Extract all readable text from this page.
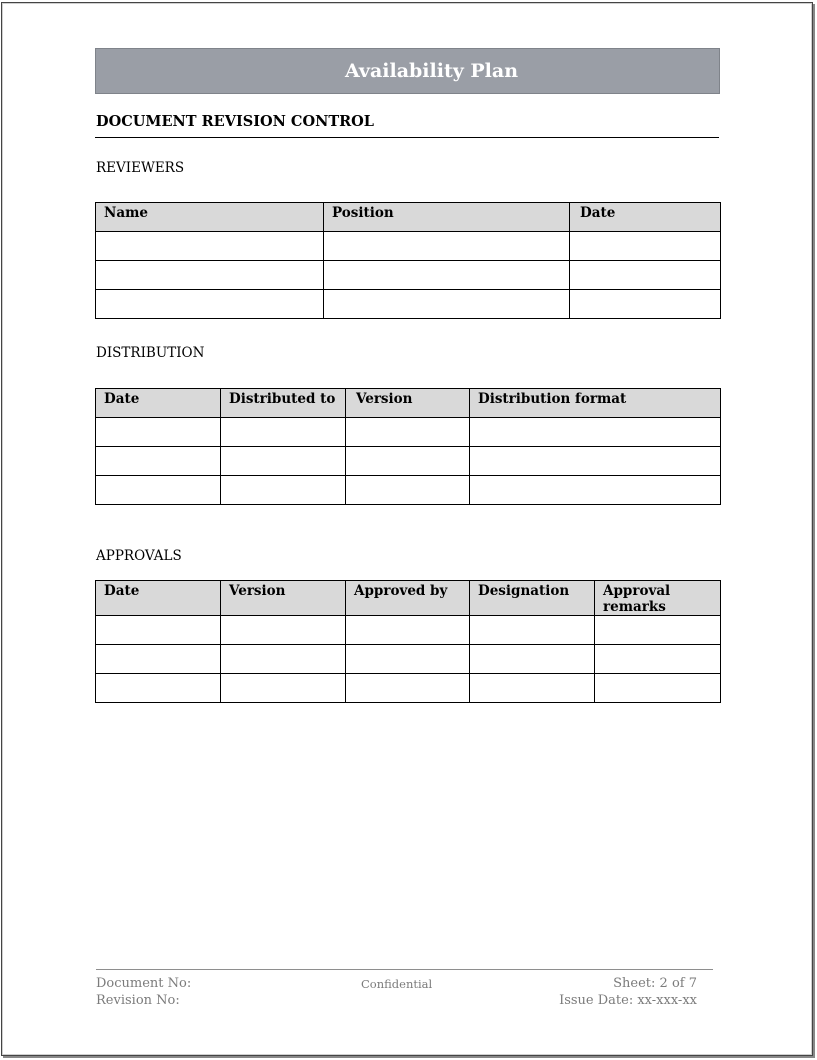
Availability Plan
DOCUMENT REVISION CONTROL
REVIEWERS
Name	Position	Date

DISTRIBUTION
Date	Distributed to	Version	Distribution format

APPROVALS
Date	Version	Approved by	Designation	Approval remarks

Document No:
Revision No:
Confidential	Sheet: 2 of 7
Issue Date: xx-xxx-xx
